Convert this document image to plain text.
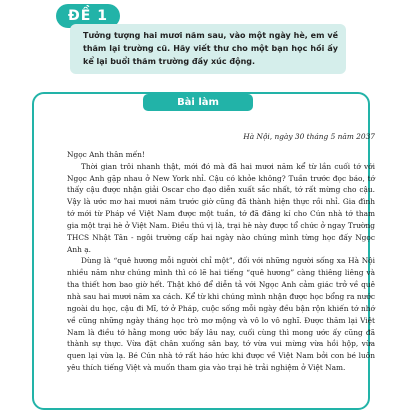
ĐỀ 1

Tưởng tượng hai mươi năm sau, vào một ngày hè, em về thăm lại trường cũ. Hãy viết thư cho một bạn học hồi ấy kể lại buổi thăm trường đầy xúc động.

Bài làm

Hà Nội, ngày 30 tháng 5 năm 2037

Ngọc Anh thân mến!

Thời gian trôi nhanh thật, mới đó mà đã hai mươi năm kể từ lần cuối tớ với Ngọc Anh gặp nhau ở New York nhỉ. Cậu có khỏe không? Tuần trước đọc báo, tớ thấy cậu được nhận giải Oscar cho đạo diễn xuất sắc nhất, tớ rất mừng cho cậu. Vậy là ước mơ hai mươi năm trước giờ cũng đã thành hiện thực rồi nhỉ. Gia đình tớ mới từ Pháp về Việt Nam được một tuần, tớ đã đăng kí cho Cún nhà tớ tham gia một trại hè ở Việt Nam. Điều thú vị là, trại hè này được tổ chức ở ngay Trường THCS Nhật Tân - ngôi trường cấp hai ngày nào chúng mình từng học đấy Ngọc Anh ạ.

Dùng là “quê hương mỗi người chỉ một”, đối với những người sống xa Hà Nội nhiều năm như chúng mình thì có lẽ hai tiếng “quê hương” càng thiêng liêng và tha thiết hơn bao giờ hết. Thật khó để diễn tả với Ngọc Anh cảm giác trở về quê nhà sau hai mươi năm xa cách. Kể từ khi chúng mình nhận được học bổng ra nước ngoài du học, cậu đi Mĩ, tớ ở Pháp, cuộc sống mỗi ngày đều bận rộn khiến tớ nhớ về cũng những ngày tháng học trò mơ mộng và vô lo vô nghĩ. Được thăm lại Việt Nam là điều tớ hằng mong ước bấy lâu nay, cuối cùng thì mong ước ấy cũng đã thành sự thực. Vừa đặt chân xuống sân bay, tớ vừa vui mừng vừa hồi hộp, vừa quen lại vừa lạ. Bé Cún nhà tớ rất háo hức khi được về Việt Nam bởi con bé luôn yêu thích tiếng Việt và muốn tham gia vào trại hè trải nghiệm ở Việt Nam.
